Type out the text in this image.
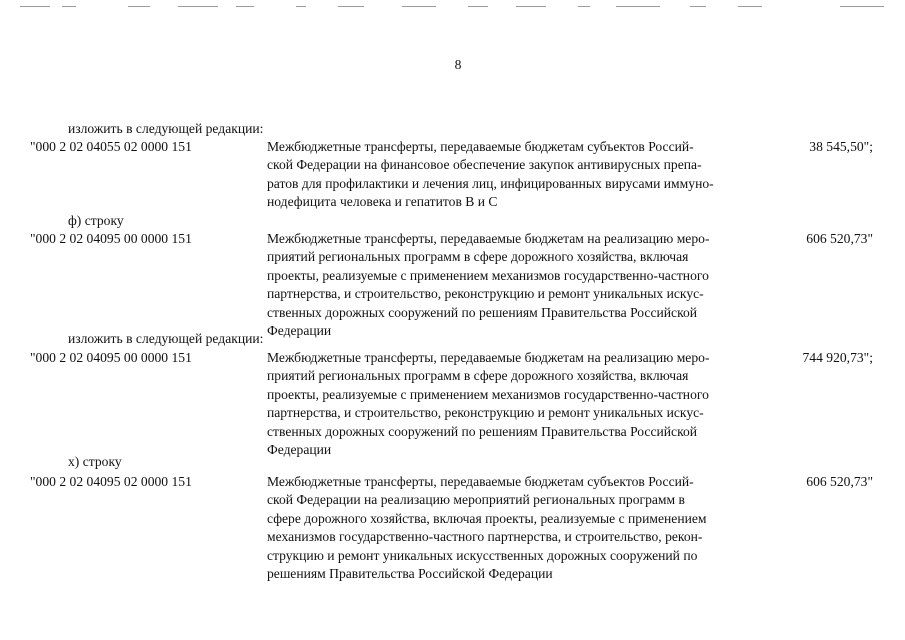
8
изложить в следующей редакции:
"000 2 02 04055 02 0000 151	Межбюджетные трансферты, передаваемые бюджетам субъектов Россий-
ской Федерации на финансовое обеспечение закупок антивирусных препа-
ратов для профилактики и лечения лиц, инфицированных вирусами иммунo-
нодефицита человека и гепатитов В и С
38 545,50";
ф) строку
"000 2 02 04095 00 0000 151	Межбюджетные трансферты, передаваемые бюджетам на реализацию меро-
приятий региональных программ в сфере дорожного хозяйства, включая
проекты, реализуемые с применением механизмов государственно-частного
партнерства, и строительство, реконструкцию и ремонт уникальных искус-
ственных дорожных сооружений по решениям Правительства Российской
Федерации
606 520,73"
изложить в следующей редакции:
"000 2 02 04095 00 0000 151	Межбюджетные трансферты, передаваемые бюджетам на реализацию меро-
приятий региональных программ в сфере дорожного хозяйства, включая
проекты, реализуемые с применением механизмов государственно-частного
партнерства, и строительство, реконструкцию и ремонт уникальных искус-
ственных дорожных сооружений по решениям Правительства Российской
Федерации
744 920,73";
х) строку
"000 2 02 04095 02 0000 151	Межбюджетные трансферты, передаваемые бюджетам субъектов Россий-
ской Федерации на реализацию мероприятий региональных программ в
сфере дорожного хозяйства, включая проекты, реализуемые с применением
механизмов государственно-частного партнерства, и строительство, рекон-
струкцию и ремонт уникальных искусственных дорожных сооружений по
решениям Правительства Российской Федерации
606 520,73"
